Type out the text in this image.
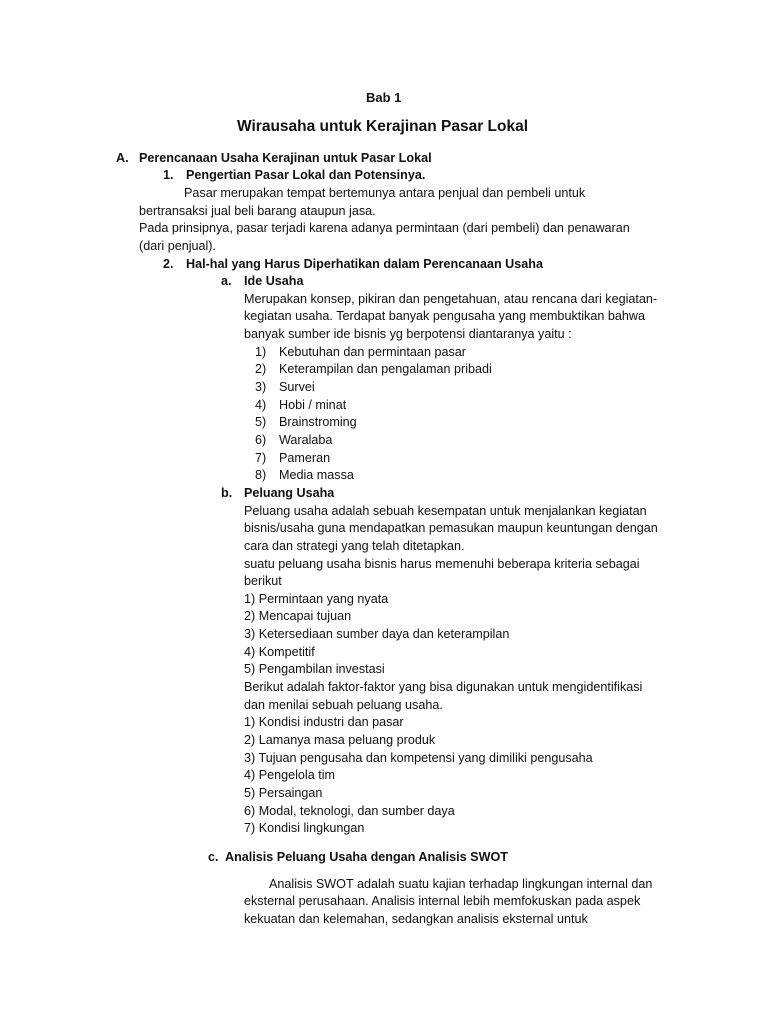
Bab 1
Wirausaha untuk Kerajinan Pasar Lokal
A. Perencanaan Usaha Kerajinan untuk Pasar Lokal
1. Pengertian Pasar Lokal dan Potensinya.
Pasar merupakan tempat bertemunya antara penjual dan pembeli untuk
bertransaksi jual beli barang ataupun jasa.
Pada prinsipnya, pasar terjadi karena adanya permintaan (dari pembeli) dan penawaran
(dari penjual).
2. Hal-hal yang Harus Diperhatikan dalam Perencanaan Usaha
a. Ide Usaha
Merupakan konsep, pikiran dan pengetahuan, atau rencana dari kegiatan-
kegiatan usaha. Terdapat banyak pengusaha yang membuktikan bahwa
banyak sumber ide bisnis yg berpotensi diantaranya yaitu :
1) Kebutuhan dan permintaan pasar
2) Keterampilan dan pengalaman pribadi
3) Survei
4) Hobi / minat
5) Brainstroming
6) Waralaba
7) Pameran
8) Media massa
b. Peluang Usaha
Peluang usaha adalah sebuah kesempatan untuk menjalankan kegiatan
bisnis/usaha guna mendapatkan pemasukan maupun keuntungan dengan
cara dan strategi yang telah ditetapkan.
suatu peluang usaha bisnis harus memenuhi beberapa kriteria sebagai
berikut
1) Permintaan yang nyata
2) Mencapai tujuan
3) Ketersediaan sumber daya dan keterampilan
4) Kompetitif
5) Pengambilan investasi
Berikut adalah faktor-faktor yang bisa digunakan untuk mengidentifikasi
dan menilai sebuah peluang usaha.
1) Kondisi industri dan pasar
2) Lamanya masa peluang produk
3) Tujuan pengusaha dan kompetensi yang dimiliki pengusaha
4) Pengelola tim
5) Persaingan
6) Modal, teknologi, dan sumber daya
7) Kondisi lingkungan
c. Analisis Peluang Usaha dengan Analisis SWOT
Analisis SWOT adalah suatu kajian terhadap lingkungan internal dan
eksternal perusahaan. Analisis internal lebih memfokuskan pada aspek
kekuatan dan kelemahan, sedangkan analisis eksternal untuk
